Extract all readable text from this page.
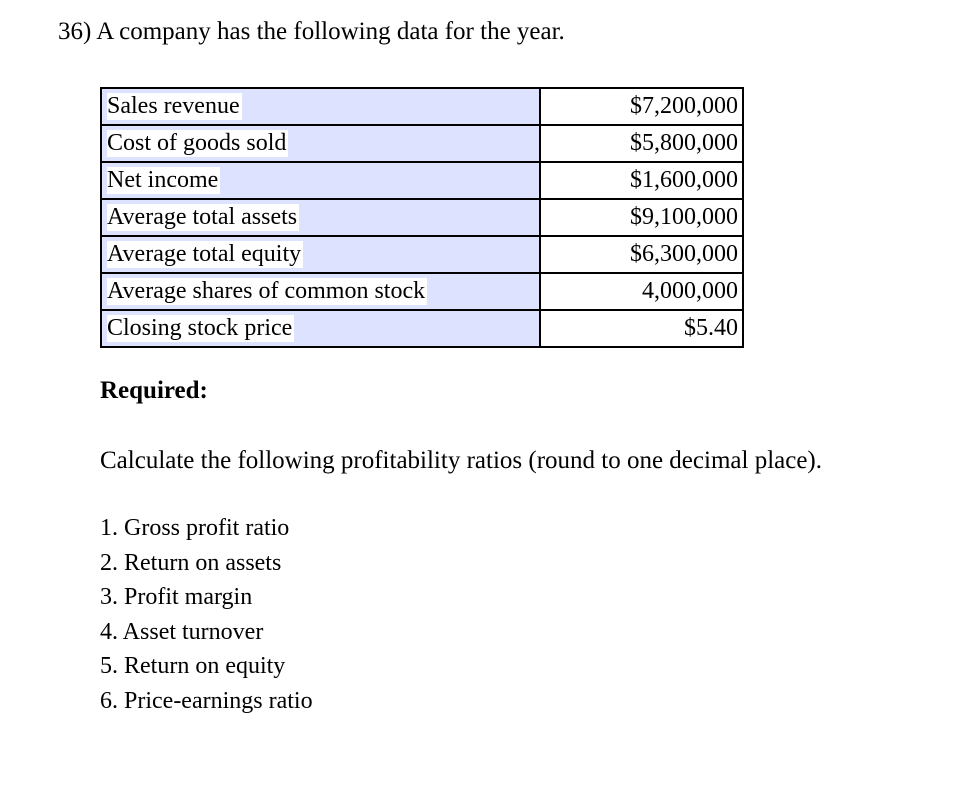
36) A company has the following data for the year.
Sales revenue	$7,200,000
Cost of goods sold	$5,800,000
Net income	$1,600,000
Average total assets	$9,100,000
Average total equity	$6,300,000
Average shares of common stock	4,000,000
Closing stock price	$5.40
Required:
Calculate the following profitability ratios (round to one decimal place).
1. Gross profit ratio
2. Return on assets
3. Profit margin
4. Asset turnover
5. Return on equity
6. Price-earnings ratio
